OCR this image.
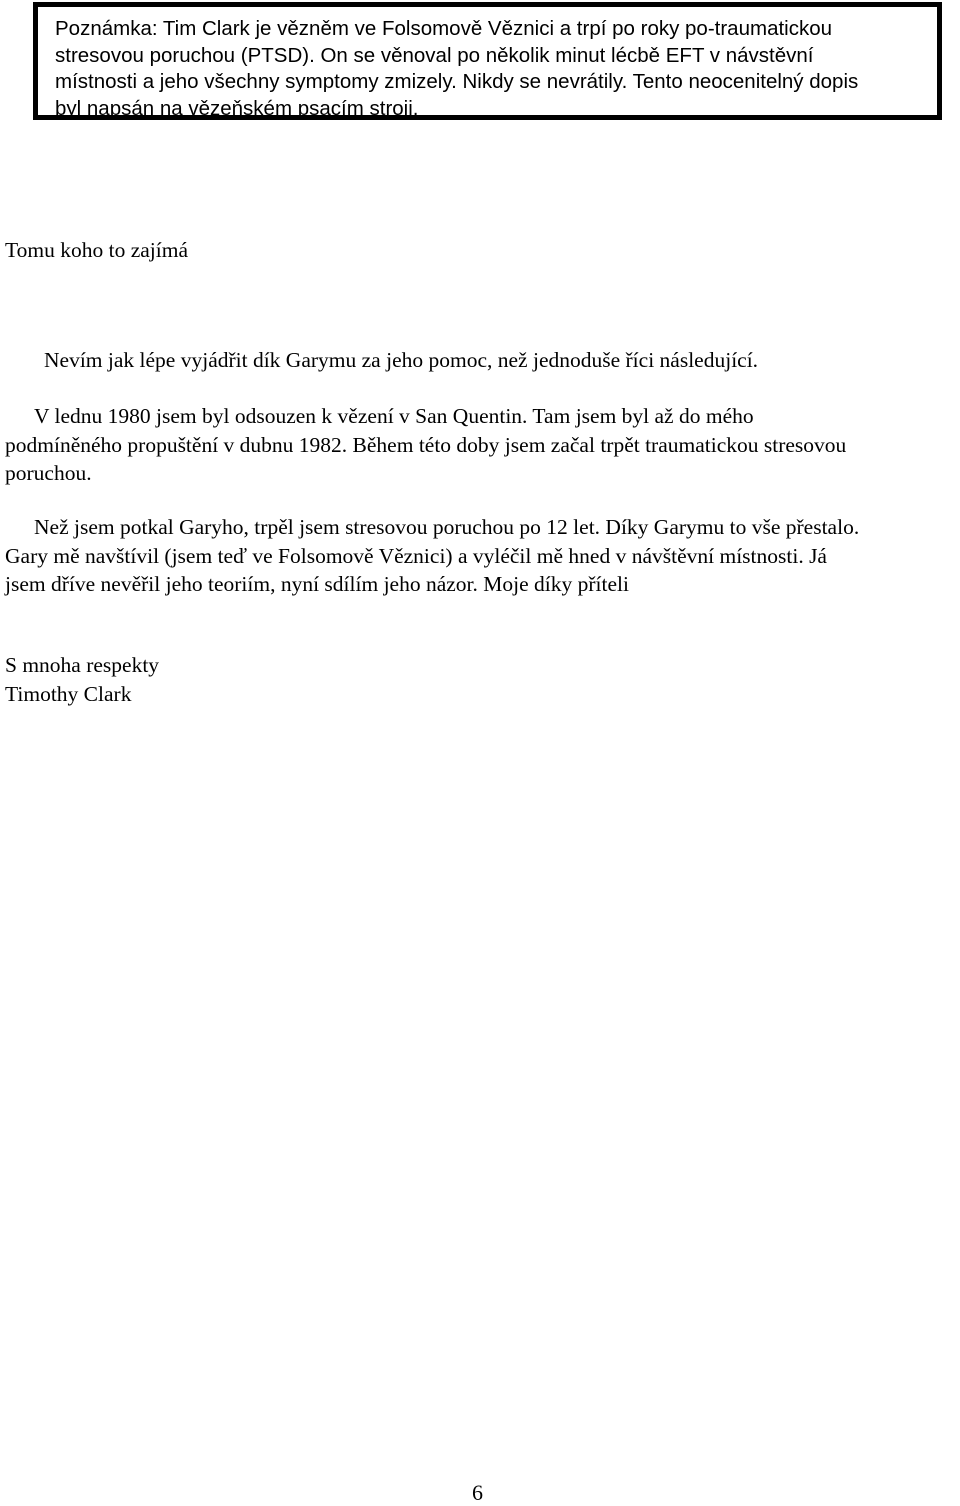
Poznámka: Tim Clark je vězněm ve Folsomově Věznici a trpí po roky po-traumatickou
stresovou poruchou (PTSD). On se věnoval po několik minut lécbě EFT v návstěvní
místnosti a jeho všechny symptomy zmizely. Nikdy se nevrátily. Tento neocenitelný dopis
byl napsán na vězeňském psacím stroji.
Tomu koho to zajímá
Nevím jak lépe vyjádřit dík Garymu za jeho pomoc, než jednoduše říci následující.
V lednu 1980 jsem byl odsouzen k vězení v San Quentin. Tam jsem byl až do mého
podmíněného propuštění v dubnu 1982. Během této doby jsem začal trpět traumatickou stresovou
poruchou.
Než jsem potkal Garyho, trpěl jsem stresovou poruchou po 12 let. Díky Garymu to vše přestalo.
Gary mě navštívil (jsem teď ve Folsomově Věznici) a vyléčil mě hned v návštěvní místnosti. Já
jsem dříve nevěřil jeho teoriím, nyní sdílím jeho názor. Moje díky příteli
S mnoha respekty
Timothy Clark
6
